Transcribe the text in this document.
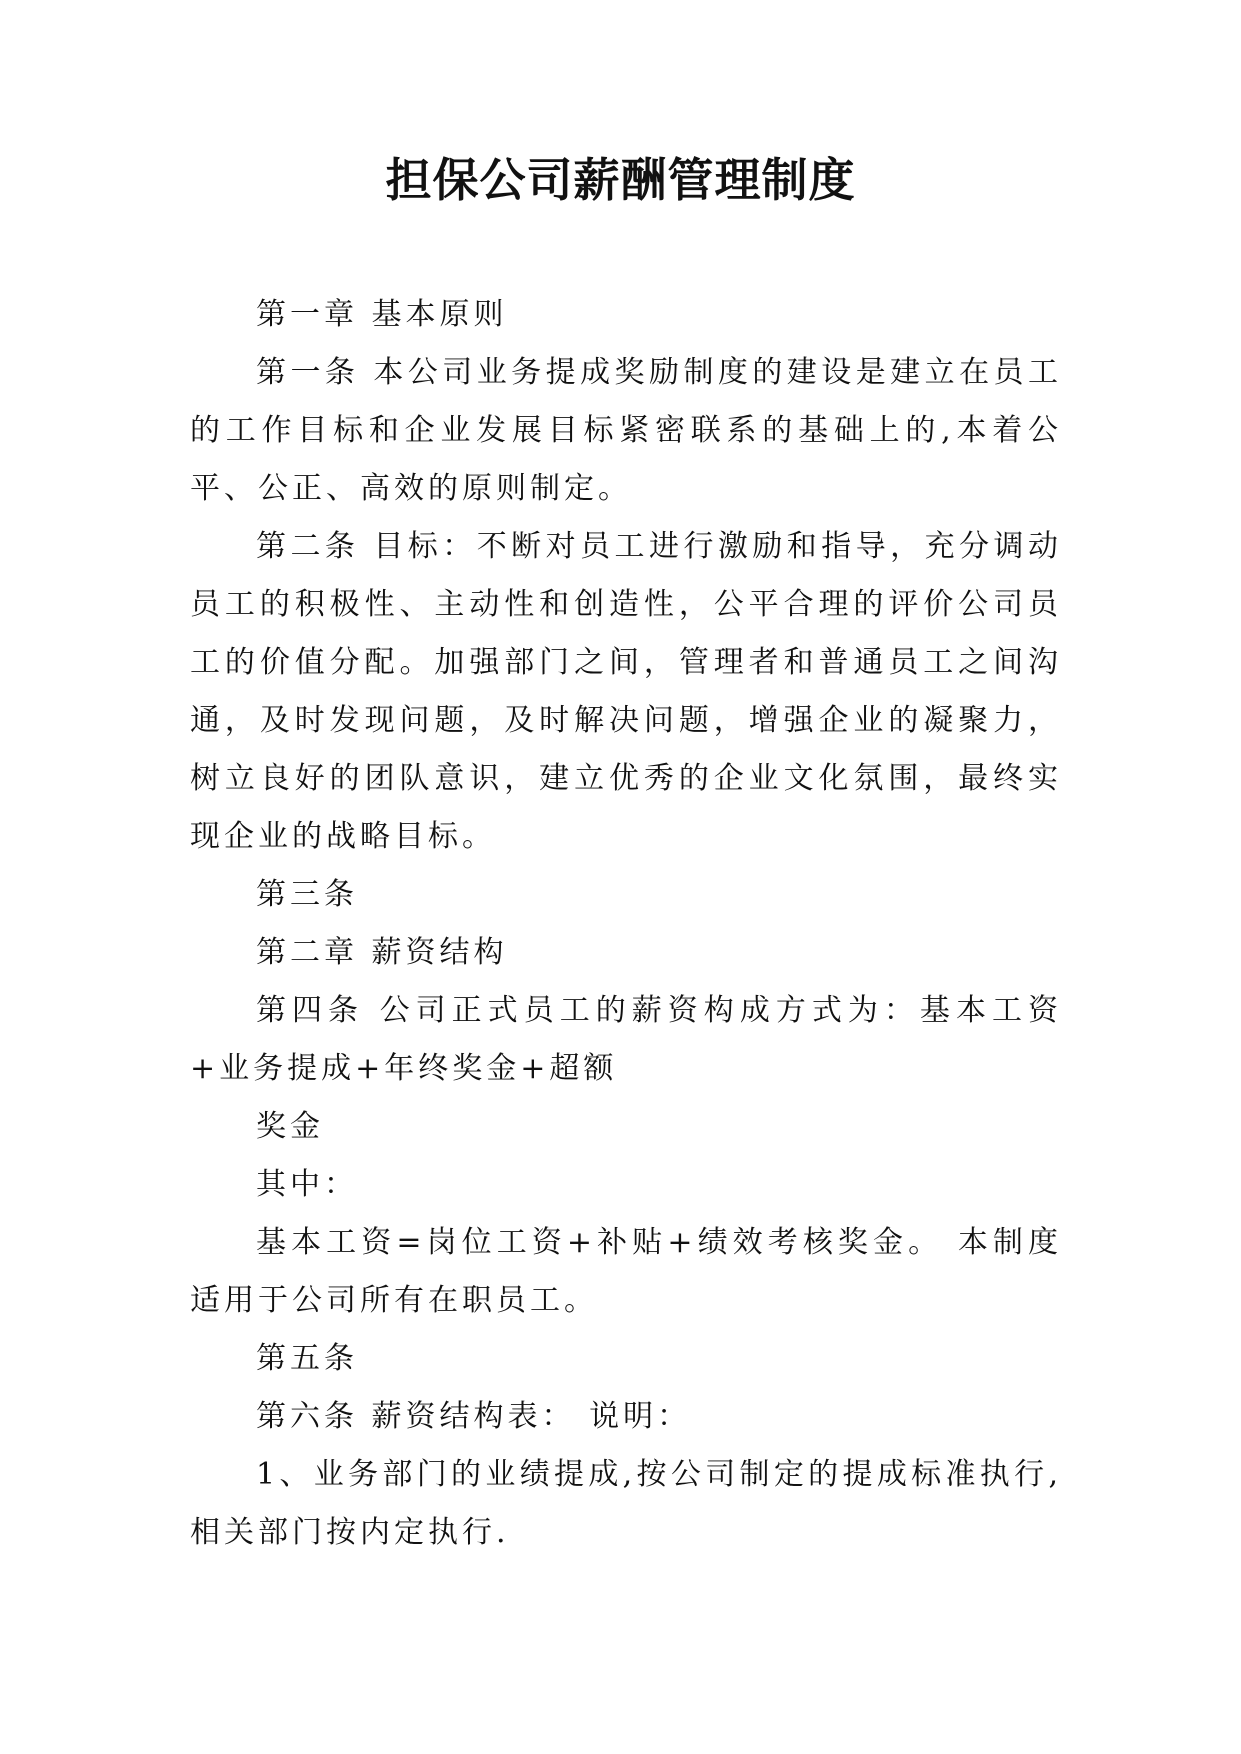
担保公司薪酬管理制度

第一章 基本原则

第一条 本公司业务提成奖励制度的建设是建立在员工的工作目标和企业发展目标紧密联系的基础上的,本着公平、公正、高效的原则制定。

第二条 目标：不断对员工进行激励和指导，充分调动员工的积极性、主动性和创造性，公平合理的评价公司员工的价值分配。加强部门之间，管理者和普通员工之间沟通，及时发现问题，及时解决问题，增强企业的凝聚力，树立良好的团队意识，建立优秀的企业文化氛围，最终实现企业的战略目标。

第三条

第二章 薪资结构

第四条 公司正式员工的薪资构成方式为：基本工资+业务提成+年终奖金+超额

奖金

其中：

基本工资=岗位工资+补贴+绩效考核奖金。 本制度适用于公司所有在职员工。

第五条

第六条 薪资结构表： 说明：

1、业务部门的业绩提成,按公司制定的提成标准执行,相关部门按内定执行.
